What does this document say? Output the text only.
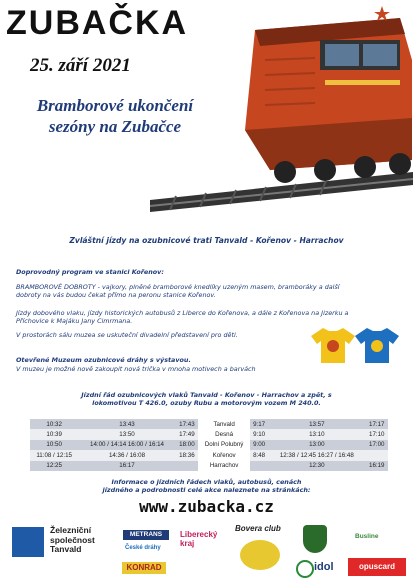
ZUBAČKA
25. září 2021
Bramborové ukončení sezóny na Zubačce
Zvláštní jízdy na ozubnicové trati Tanvald - Kořenov - Harrachov
Doprovodný program ve stanici Kořenov:
BRAMBOROVÉ DOBROTY - vajkory, plněné bramborové knedlíky uzeným masem, bramboráky a další dobroty na vás budou čekat přímo na peronu stanice Kořenov.
Jízdy dobového vlaku, jízdy historických autobusů z Liberce do Kořenova, a dále z Kořenova na Jizerku a Příchovice k Majáku Jany Cimrmana.
V prostorách sálu muzea se uskuteční divadelní představení pro děti.
Otevřené Muzeum ozubnicové dráhy s výstavou.
V muzeu je možné nově zakoupit nová trička v mnoha motivech a barvách
Jízdní řád ozubnicových vlaků Tanvald - Kořenov - Harrachov a zpět, s lokomotivou T 426.0, ozuby Rubu a motorovým vozem M 240.0.
10:32	13:43	17:43	Tanvald	9:17	13:57	17:17
10:39	13:50	17:49	Desná	9:10	13:10	17:10
10:50	14:00 / 14:14 16:00 / 16:14	18:00	Dolní Polubný	9:00	13:00	17:00
11:08 / 12:15	14:36 / 16:08	18:36	Kořenov	8:48	12:38 / 12:45 16:27 / 16:48	
12:25	16:17		Harrachov		12:30	16:19
Informace o jízdních řádech vlaků, autobusů, cenách jízdného a podrobnosti celé akce naleznete na stránkách:
www.zubacka.cz
Železniční společnost Tanvald
METRANS
České dráhy
Liberecký kraj
Bovera club
Busline
KONRAD	idol	opuscard
